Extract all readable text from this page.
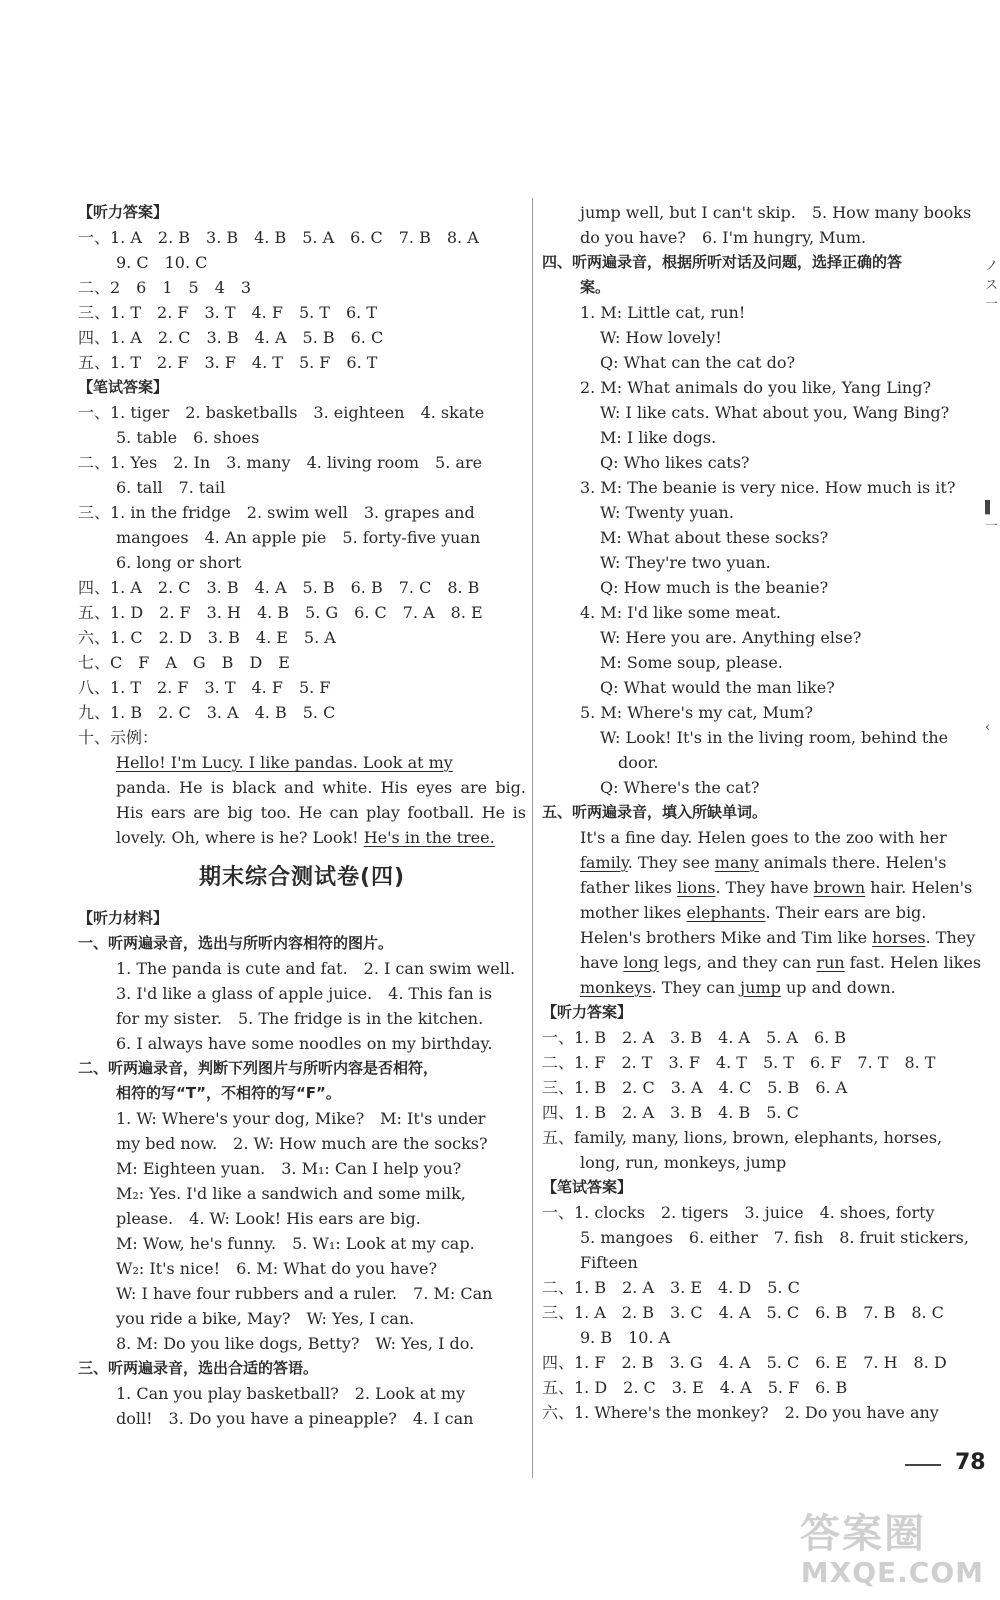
【听力答案】
一、1. A　2. B　3. B　4. B　5. A　6. C　7. B　8. A
9. C　10. C
二、2　6　1　5　4　3
三、1. T　2. F　3. T　4. F　5. T　6. T
四、1. A　2. C　3. B　4. A　5. B　6. C
五、1. T　2. F　3. F　4. T　5. F　6. T
【笔试答案】
一、1. tiger　2. basketballs　3. eighteen　4. skate
5. table　6. shoes
二、1. Yes　2. In　3. many　4. living room　5. are
6. tall　7. tail
三、1. in the fridge　2. swim well　3. grapes and
mangoes　4. An apple pie　5. forty-five yuan
6. long or short
四、1. A　2. C　3. B　4. A　5. B　6. B　7. C　8. B
五、1. D　2. F　3. H　4. B　5. G　6. C　7. A　8. E
六、1. C　2. D　3. B　4. E　5. A
七、C　F　A　G　B　D　E
八、1. T　2. F　3. T　4. F　5. F
九、1. B　2. C　3. A　4. B　5. C
十、示例：
Hello! I'm Lucy. I like pandas. Look at my
panda. He is black and white. His eyes are big.
His ears are big too. He can play football. He is
lovely. Oh, where is he? Look! He's in the tree.
期末综合测试卷(四)
【听力材料】
一、听两遍录音，选出与所听内容相符的图片。
1. The panda is cute and fat.　2. I can swim well.
3. I'd like a glass of apple juice.　4. This fan is
for my sister.　5. The fridge is in the kitchen.
6. I always have some noodles on my birthday.
二、听两遍录音，判断下列图片与所听内容是否相符，
相符的写“T”，不相符的写“F”。
1. W: Where's your dog, Mike?　M: It's under
my bed now.　2. W: How much are the socks?
M: Eighteen yuan.　3. M₁: Can I help you?
M₂: Yes. I'd like a sandwich and some milk,
please.　4. W: Look! His ears are big.
M: Wow, he's funny.　5. W₁: Look at my cap.
W₂: It's nice!　6. M: What do you have?
W: I have four rubbers and a ruler.　7. M: Can
you ride a bike, May?　W: Yes, I can.
8. M: Do you like dogs, Betty?　W: Yes, I do.
三、听两遍录音，选出合适的答语。
1. Can you play basketball?　2. Look at my
doll!　3. Do you have a pineapple?　4. I can
jump well, but I can't skip.　5. How many books
do you have?　6. I'm hungry, Mum.
四、听两遍录音，根据所听对话及问题，选择正确的答
案。
1. M: Little cat, run!
W: How lovely!
Q: What can the cat do?
2. M: What animals do you like, Yang Ling?
W: I like cats. What about you, Wang Bing?
M: I like dogs.
Q: Who likes cats?
3. M: The beanie is very nice. How much is it?
W: Twenty yuan.
M: What about these socks?
W: They're two yuan.
Q: How much is the beanie?
4. M: I'd like some meat.
W: Here you are. Anything else?
M: Some soup, please.
Q: What would the man like?
5. M: Where's my cat, Mum?
W: Look! It's in the living room, behind the
door.
Q: Where's the cat?
五、听两遍录音，填入所缺单词。
It's a fine day. Helen goes to the zoo with her
family. They see many animals there. Helen's
father likes lions. They have brown hair. Helen's
mother likes elephants. Their ears are big.
Helen's brothers Mike and Tim like horses. They
have long legs, and they can run fast. Helen likes
monkeys. They can jump up and down.
【听力答案】
一、1. B　2. A　3. B　4. A　5. A　6. B
二、1. F　2. T　3. F　4. T　5. T　6. F　7. T　8. T
三、1. B　2. C　3. A　4. C　5. B　6. A
四、1. B　2. A　3. B　4. B　5. C
五、family, many, lions, brown, elephants, horses,
long, run, monkeys, jump
【笔试答案】
一、1. clocks　2. tigers　3. juice　4. shoes, forty
5. mangoes　6. either　7. fish　8. fruit stickers,
Fifteen
二、1. B　2. A　3. E　4. D　5. C
三、1. A　2. B　3. C　4. A　5. C　6. B　7. B　8. C
9. B　10. A
四、1. F　2. B　3. G　4. A　5. C　6. E　7. H　8. D
五、1. D　2. C　3. E　4. A　5. F　6. B
六、1. Where's the monkey?　2. Do you have any
ノ
ス
一
▌
一
‹
78
答案圈
MXQE.COM
